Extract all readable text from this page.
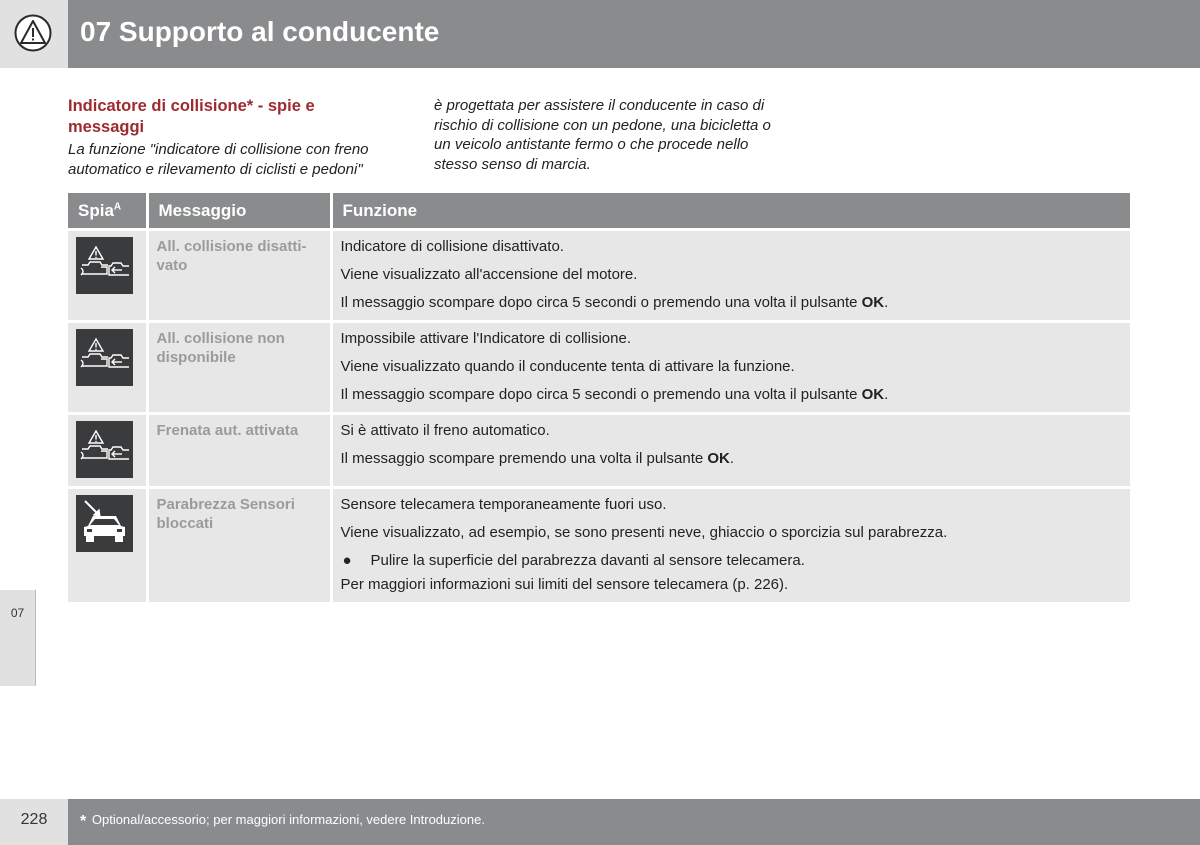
07 Supporto al conducente
07
Indicatore di collisione* - spie e messaggi
La funzione "indicatore di collisione con freno automatico e rilevamento di ciclisti e pedoni"
è progettata per assistere il conducente in caso di rischio di collisione con un pedone, una bicicletta o un veicolo antistante fermo o che procede nello stesso senso di marcia.
Spia$^A$	Messaggio	Funzione

	All. collisione disatti-vato	Indicatore di collisione disattivato.

Viene visualizzato all'accensione del motore.

Il messaggio scompare dopo circa 5 secondi o premendo una volta il pulsante OK.

	All. collisione non disponibile	Impossibile attivare l'Indicatore di collisione.

Viene visualizzato quando il conducente tenta di attivare la funzione.

Il messaggio scompare dopo circa 5 secondi o premendo una volta il pulsante OK.

	Frenata aut. attivata	Si è attivato il freno automatico.

Il messaggio scompare premendo una volta il pulsante OK.

	Parabrezza Sensori bloccati	Sensore telecamera temporaneamente fuori uso.

Viene visualizzato, ad esempio, se sono presenti neve, ghiaccio o sporcizia sul parabrezza.

● Pulire la superficie del parabrezza davanti al sensore telecamera.

Per maggiori informazioni sui limiti del sensore telecamera (p. 226).

228	* Optional/accessorio; per maggiori informazioni, vedere Introduzione.
